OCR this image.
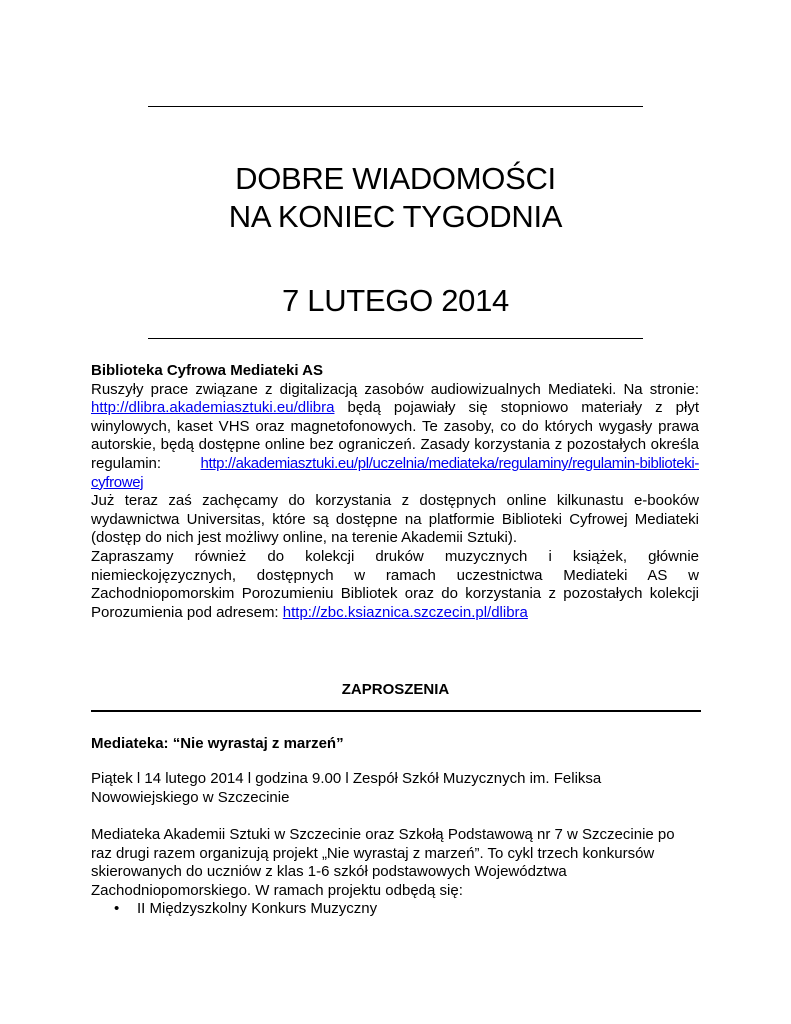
DOBRE WIADOMOŚCI
NA KONIEC TYGODNIA
7 LUTEGO 2014

Biblioteka Cyfrowa Mediateki AS

Ruszyły prace związane z digitalizacją zasobów audiowizualnych Mediateki. Na stronie: http://dlibra.akademiasztuki.eu/dlibra będą pojawiały się stopniowo materiały z płyt winylowych, kaset VHS oraz magnetofonowych. Te zasoby, co do których wygasły prawa autorskie, będą dostępne online bez ograniczeń. Zasady korzystania z pozostałych określa regulamin: http://akademiasztuki.eu/pl/uczelnia/mediateka/regulaminy/regulamin-biblioteki-cyfrowej

Już teraz zaś zachęcamy do korzystania z dostępnych online kilkunastu e-booków wydawnictwa Universitas, które są dostępne na platformie Biblioteki Cyfrowej Mediateki (dostęp do nich jest możliwy online, na terenie Akademii Sztuki).

Zapraszamy również do kolekcji druków muzycznych i książek, głównie niemieckojęzycznych, dostępnych w ramach uczestnictwa Mediateki AS w Zachodniopomorskim Porozumieniu Bibliotek oraz do korzystania z pozostałych kolekcji Porozumienia pod adresem: http://zbc.ksiaznica.szczecin.pl/dlibra

ZAPROSZENIA

Mediateka: “Nie wyrastaj z marzeń”

Piątek l 14 lutego 2014 l godzina 9.00 l Zespół Szkół Muzycznych im. Feliksa Nowowiejskiego w Szczecinie

Mediateka Akademii Sztuki w Szczecinie oraz Szkołą Podstawową nr 7 w Szczecinie po raz drugi razem organizują projekt „Nie wyrastaj z marzeń”. To cykl trzech konkursów skierowanych do uczniów z klas 1-6 szkół podstawowych Województwa Zachodniopomorskiego. W ramach projektu odbędą się:

• II Międzyszkolny Konkurs Muzyczny
